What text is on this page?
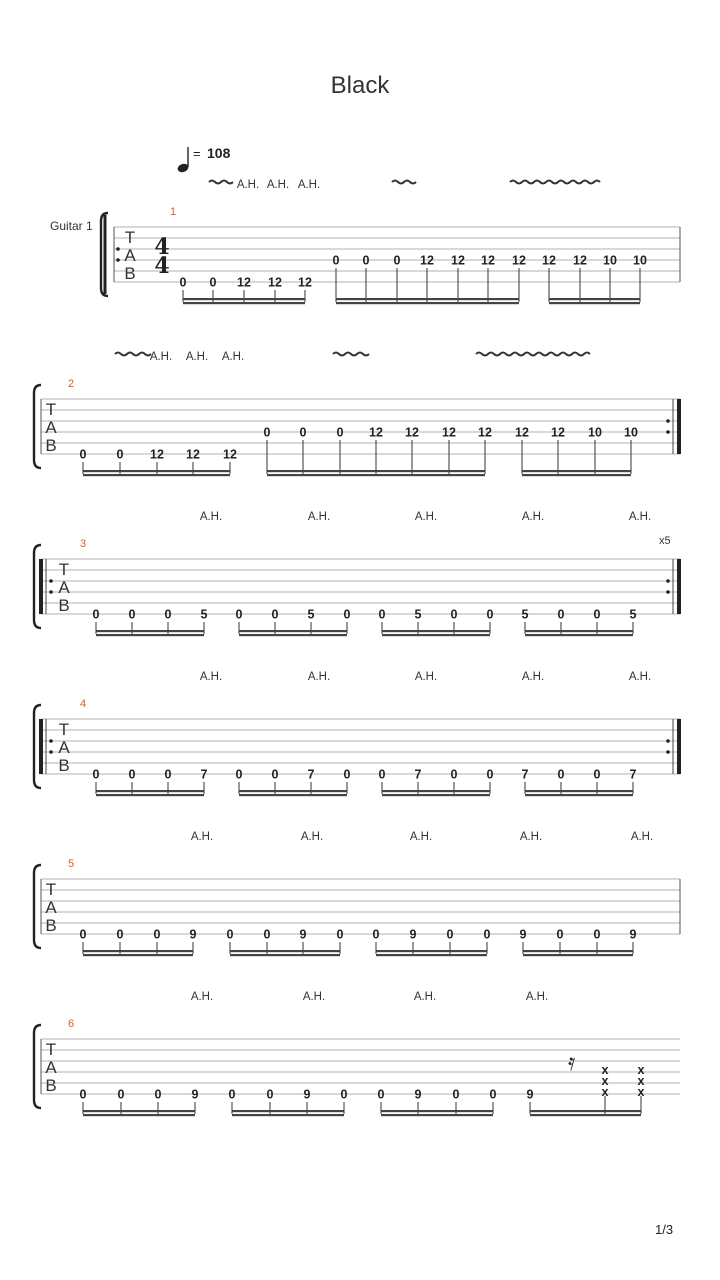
Black
= 108
Guitar 1
T
A
B
4
4
1
A.H. A.H. A.H.
0 0 12 12 12
0 0 0 12 12 12 12 12 12 10 10
T
A
B
2
A.H. A.H. A.H.
0 0 12 12 12
0 0 0 12 12 12 12 12 12 10 10
x5
T
A
B
3
A.H.	A.H.	A.H.	A.H.	A.H.
0 0 0 5 0 0 5 0 0 5 0 0 5 0 0 5
T
A
B
4
A.H.	A.H.	A.H.	A.H.	A.H.
0 0 0 7 0 0 7 0 0 7 0 0 7 0 0 7
T
A
B
5
A.H.	A.H.	A.H.	A.H.	A.H.
0 0 0 9 0 0 9 0 0 9 0 0 9 0 0 9
T
A
B
6
A.H.	A.H.	A.H.	A.H.
0 0 0 9 0 0 9 0 0 9 0 0 9
𝄿 x
x
x
x
x
x
1/3
